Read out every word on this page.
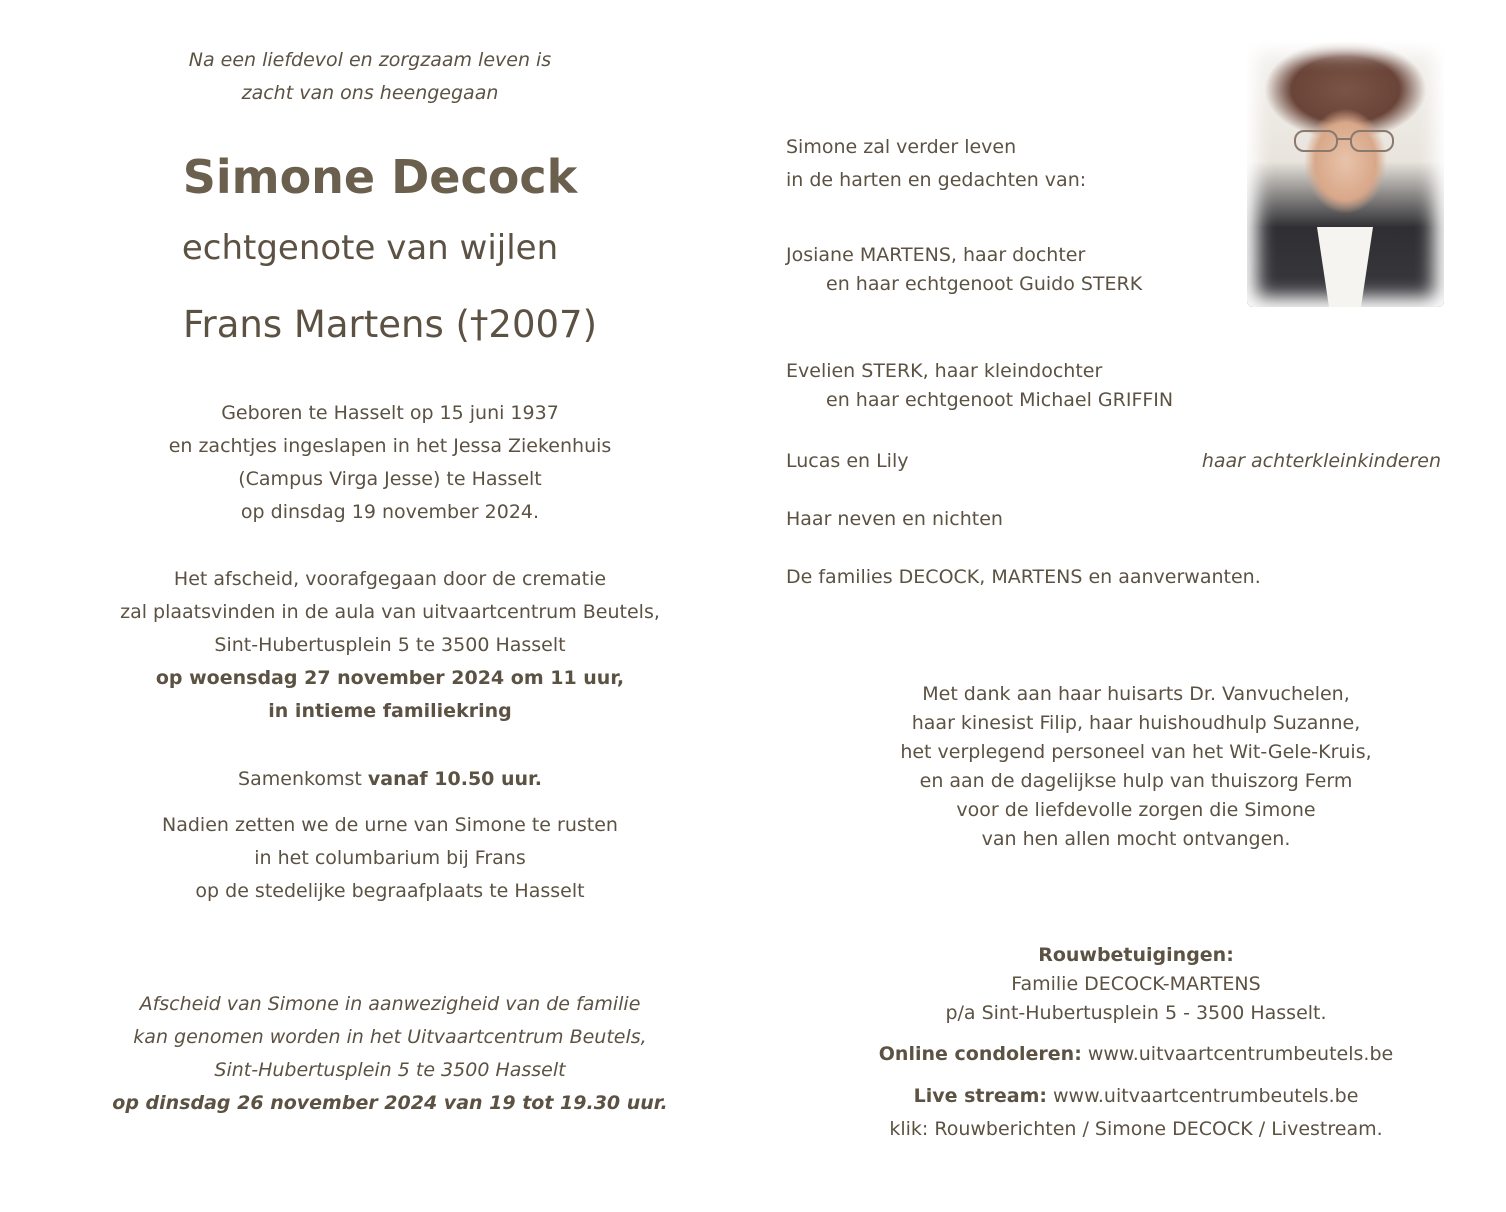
Na een liefdevol en zorgzaam leven is
zacht van ons heengegaan
Simone Decock
echtgenote van wijlen
Frans Martens (†2007)
Geboren te Hasselt op 15 juni 1937
en zachtjes ingeslapen in het Jessa Ziekenhuis
(Campus Virga Jesse) te Hasselt
op dinsdag 19 november 2024.
Het afscheid, voorafgegaan door de crematie
zal plaatsvinden in de aula van uitvaartcentrum Beutels,
Sint-Hubertusplein 5 te 3500 Hasselt
op woensdag 27 november 2024 om 11 uur,
in intieme familiekring
Samenkomst vanaf 10.50 uur.
Nadien zetten we de urne van Simone te rusten
in het columbarium bij Frans
op de stedelijke begraafplaats te Hasselt
Afscheid van Simone in aanwezigheid van de familie
kan genomen worden in het Uitvaartcentrum Beutels,
Sint-Hubertusplein 5 te 3500 Hasselt
op dinsdag 26 november 2024 van 19 tot 19.30 uur.
Simone zal verder leven
in de harten en gedachten van:
Josiane MARTENS, haar dochter
en haar echtgenoot Guido STERK
Evelien STERK, haar kleindochter
en haar echtgenoot Michael GRIFFIN
Lucas en Lily	haar achterkleinkinderen
Haar neven en nichten
De families DECOCK, MARTENS en aanverwanten.
Met dank aan haar huisarts Dr. Vanvuchelen,
haar kinesist Filip, haar huishoudhulp Suzanne,
het verplegend personeel van het Wit-Gele-Kruis,
en aan de dagelijkse hulp van thuiszorg Ferm
voor de liefdevolle zorgen die Simone
van hen allen mocht ontvangen.
Rouwbetuigingen:
Familie DECOCK-MARTENS
p/a Sint-Hubertusplein 5 - 3500 Hasselt.
Online condoleren: www.uitvaartcentrumbeutels.be
Live stream: www.uitvaartcentrumbeutels.be
klik: Rouwberichten / Simone DECOCK / Livestream.
